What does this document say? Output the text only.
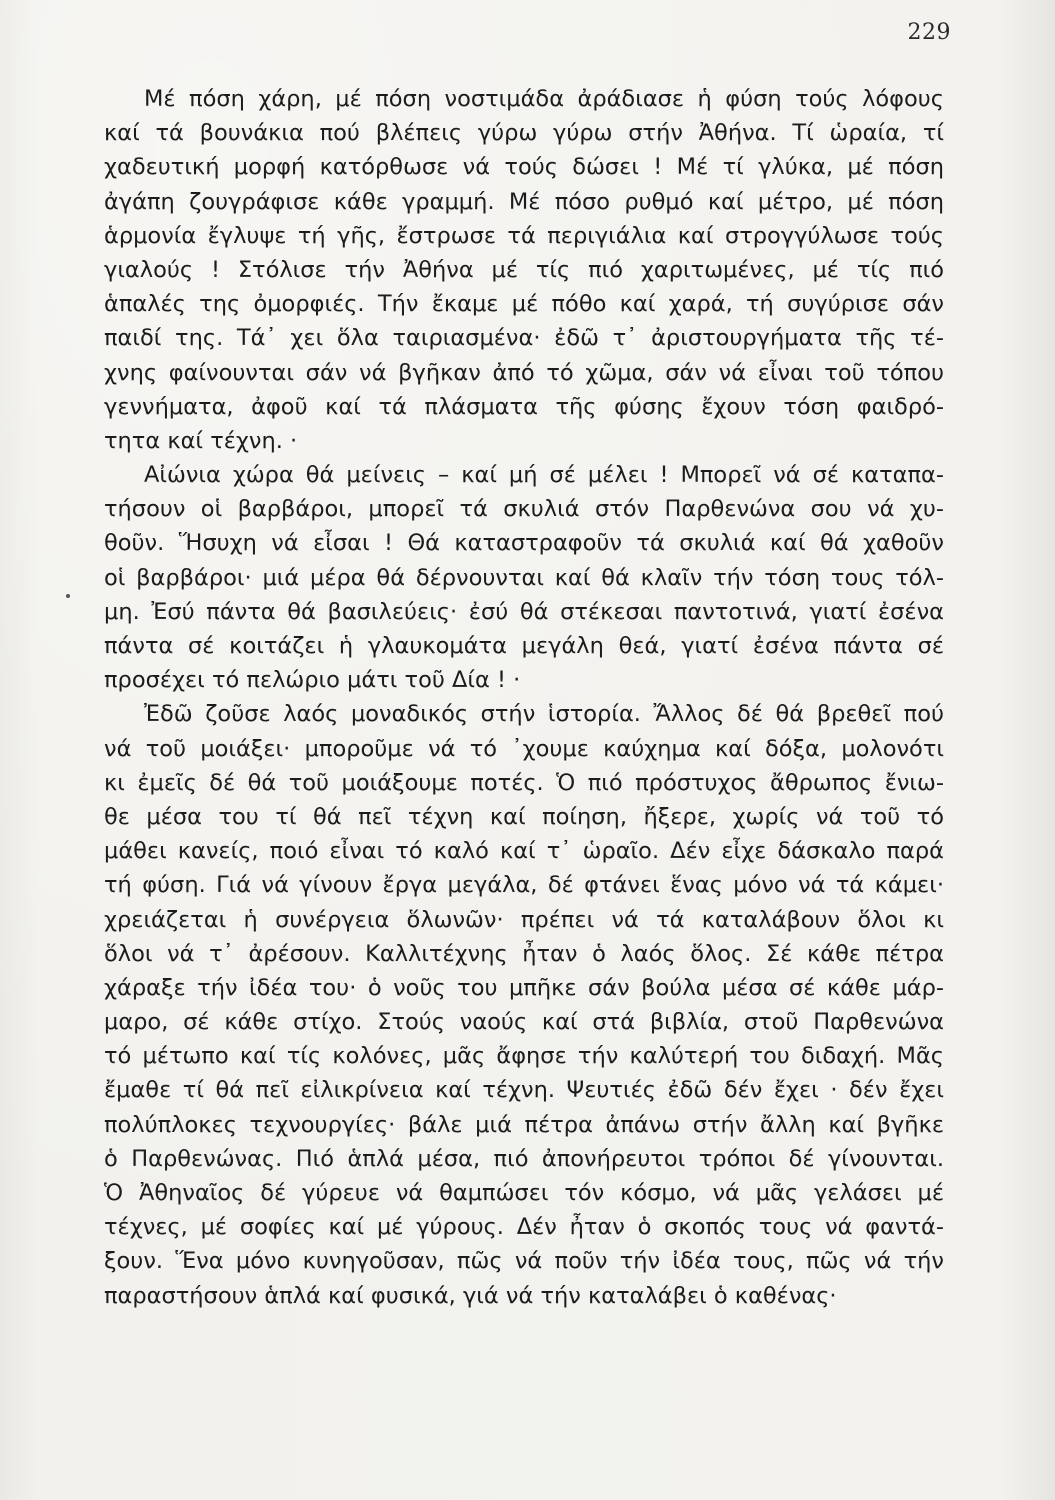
229
Μέ πόση χάρη, μέ πόση νοστιμάδα ἀράδιασε ἡ φύση τούς λόφους
καί τά βουνάκια πού βλέπεις γύρω γύρω στήν Ἀθήνα. Τί ὡραία, τί
χαδευτική μορφή κατόρθωσε νά τούς δώσει ! Μέ τί γλύκα, μέ πόση
ἀγάπη ζουγράφισε κάθε γραμμή. Μέ πόσο ρυθμό καί μέτρο, μέ πόση
ἁρμονία ἔγλυψε τή γῆς, ἔστρωσε τά περιγιάλια καί στρογγύλωσε τούς
γιαλούς ! Στόλισε τήν Ἀθήνα μέ τίς πιό χαριτωμένες, μέ τίς πιό
ἁπαλές της ὀμορφιές. Τήν ἔκαμε μέ πόθο καί χαρά, τή συγύρισε σάν
παιδί της. Τά᾽ χει ὅλα ταιριασμένα· ἐδῶ τ᾽ ἀριστουργήματα τῆς τέ-
χνης φαίνουνται σάν νά βγῆκαν ἀπό τό χῶμα, σάν νά εἶναι τοῦ τόπου
γεννήματα, ἀφοῦ καί τά πλάσματα τῆς φύσης ἔχουν τόση φαιδρό-
τητα καί τέχνη. ·
Αἰώνια χώρα θά μείνεις – καί μή σέ μέλει ! Μπορεῖ νά σέ καταπα-
τήσουν οἱ βαρβάροι, μπορεῖ τά σκυλιά στόν Παρθενώνα σου νά χυ-
θοῦν. Ἥσυχη νά εἶσαι ! Θά καταστραφοῦν τά σκυλιά καί θά χαθοῦν
οἱ βαρβάροι· μιά μέρα θά δέρνουνται καί θά κλαῖν τήν τόση τους τόλ-
μη. Ἐσύ πάντα θά βασιλεύεις· ἐσύ θά στέκεσαι παντοτινά, γιατί ἐσένα
πάντα σέ κοιτάζει ἡ γλαυκομάτα μεγάλη θεά, γιατί ἐσένα πάντα σέ
προσέχει τό πελώριο μάτι τοῦ Δία ! ·
Ἐδῶ ζοῦσε λαός μοναδικός στήν ἱστορία. Ἄλλος δέ θά βρεθεῖ πού
νά τοῦ μοιάξει· μποροῦμε νά τό ᾽χουμε καύχημα καί δόξα, μολονότι
κι ἐμεῖς δέ θά τοῦ μοιάξουμε ποτές. Ὁ πιό πρόστυχος ἄθρωπος ἔνιω-
θε μέσα του τί θά πεῖ τέχνη καί ποίηση, ἤξερε, χωρίς νά τοῦ τό
μάθει κανείς, ποιό εἶναι τό καλό καί τ᾽ ὡραῖο. Δέν εἶχε δάσκαλο παρά
τή φύση. Γιά νά γίνουν ἔργα μεγάλα, δέ φτάνει ἕνας μόνο νά τά κάμει·
χρειάζεται ἡ συνέργεια ὅλωνῶν· πρέπει νά τά καταλάβουν ὅλοι κι
ὅλοι νά τ᾽ ἀρέσουν. Καλλιτέχνης ἦταν ὁ λαός ὅλος. Σέ κάθε πέτρα
χάραξε τήν ἰδέα του· ὁ νοῦς του μπῆκε σάν βούλα μέσα σέ κάθε μάρ-
μαρο, σέ κάθε στίχο. Στούς ναούς καί στά βιβλία, στοῦ Παρθενώνα
τό μέτωπο καί τίς κολόνες, μᾶς ἄφησε τήν καλύτερή του διδαχή. Μᾶς
ἔμαθε τί θά πεῖ εἰλικρίνεια καί τέχνη. Ψευτιές ἐδῶ δέν ἔχει · δέν ἔχει
πολύπλοκες τεχνουργίες· βάλε μιά πέτρα ἀπάνω στήν ἄλλη καί βγῆκε
ὁ Παρθενώνας. Πιό ἁπλά μέσα, πιό ἀπονήρευτοι τρόποι δέ γίνουνται.
Ὁ Ἀθηναῖος δέ γύρευε νά θαμπώσει τόν κόσμο, νά μᾶς γελάσει μέ
τέχνες, μέ σοφίες καί μέ γύρους. Δέν ἦταν ὁ σκοπός τους νά φαντά-
ξουν. Ἕνα μόνο κυνηγοῦσαν, πῶς νά ποῦν τήν ἰδέα τους, πῶς νά τήν
παραστήσουν ἁπλά καί φυσικά, γιά νά τήν καταλάβει ὁ καθένας·
